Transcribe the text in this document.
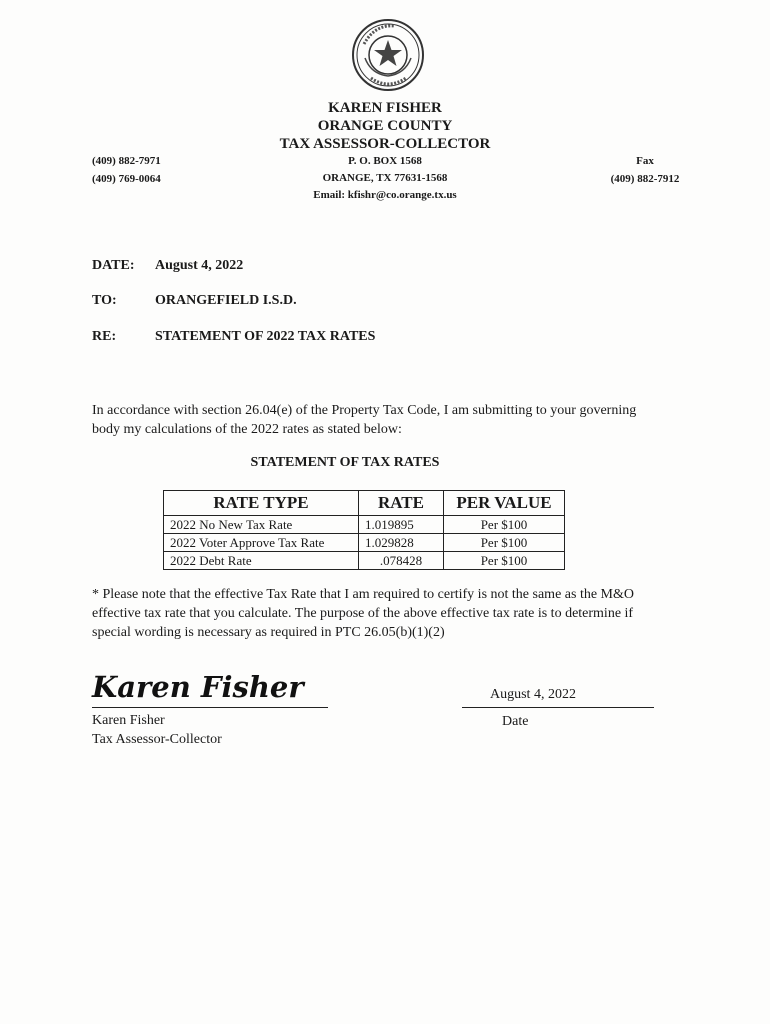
KAREN FISHER
ORANGE COUNTY
TAX ASSESSOR-COLLECTOR
P. O. BOX 1568
ORANGE, TX 77631-1568
Email: kfishr@co.orange.tx.us
(409) 882-7971
(409) 769-0064
Fax
(409) 882-7912
DATE: August 4, 2022
TO:	ORANGEFIELD I.S.D.
RE:	STATEMENT OF 2022 TAX RATES
In accordance with section 26.04(e) of the Property Tax Code, I am submitting to your governing
body my calculations of the 2022 rates as stated below:
STATEMENT OF TAX RATES
RATE TYPE	RATE	PER VALUE
2022 No New Tax Rate	1.019895	Per $100
2022 Voter Approve Tax Rate	1.029828	Per $100
2022 Debt Rate	.078428	Per $100
* Please note that the effective Tax Rate that I am required to certify is not the same as the M&O
effective tax rate that you calculate. The purpose of the above effective tax rate is to determine if
special wording is necessary as required in PTC 26.05(b)(1)(2)
Karen Fisher
Karen Fisher
Tax Assessor-Collector
August 4, 2022
Date
